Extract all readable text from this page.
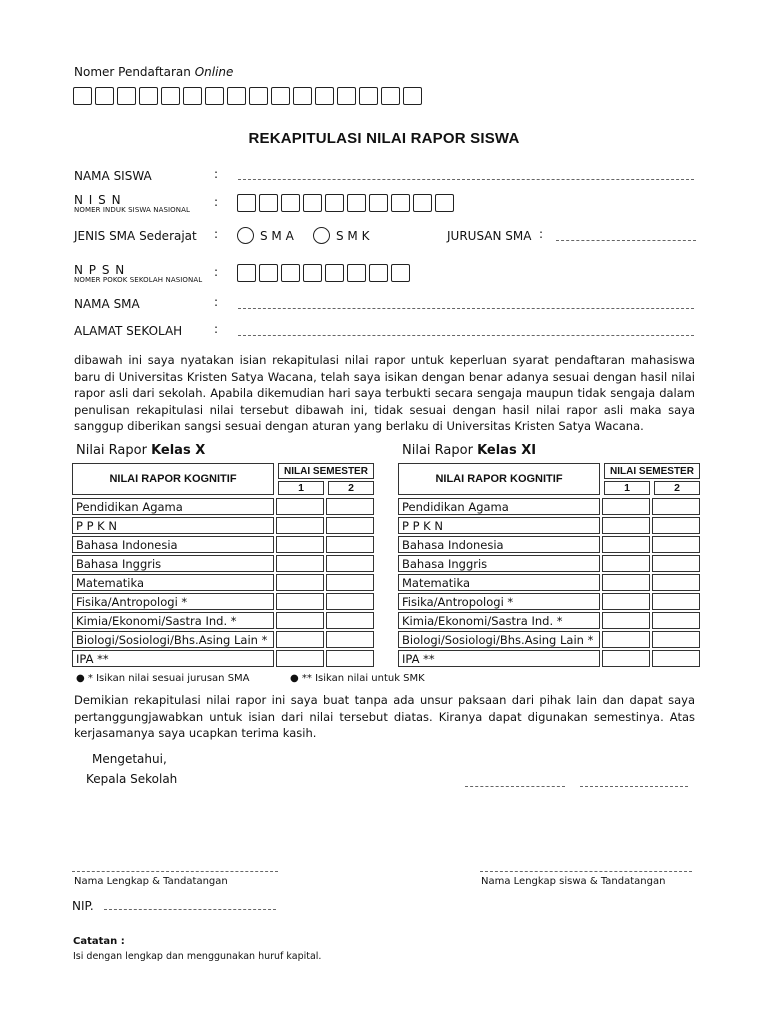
Nomer Pendaftaran Online
REKAPITULASI NILAI RAPOR SISWA
NAMA SISWA	:
N I S N
NOMER INDUK SISWA NASIONAL
:
JENIS SMA Sederajat :	S M A	S M K	JURUSAN SMA :
N P S N
NOMER POKOK SEKOLAH NASIONAL
:
NAMA SMA	:
ALAMAT SEKOLAH	:
dibawah ini saya nyatakan isian rekapitulasi nilai rapor untuk keperluan syarat pendaftaran mahasiswa baru di Universitas Kristen Satya Wacana, telah saya isikan dengan benar adanya sesuai dengan hasil nilai rapor asli dari sekolah. Apabila dikemudian hari saya terbukti secara sengaja maupun tidak sengaja dalam penulisan rekapitulasi nilai tersebut dibawah ini, tidak sesuai dengan hasil nilai rapor asli maka saya sanggup diberikan sangsi sesuai dengan aturan yang berlaku di Universitas Kristen Satya Wacana.
Nilai Rapor Kelas X
NILAI RAPOR KOGNITIF
NILAI SEMESTER
1	2
Pendidikan Agama		
P P K N		
Bahasa Indonesia		
Bahasa Inggris		
Matematika		
Fisika/Antropologi *		
Kimia/Ekonomi/Sastra Ind. *		
Biologi/Sosiologi/Bhs.Asing Lain *		
IPA **		
Nilai Rapor Kelas XI
NILAI RAPOR KOGNITIF
NILAI SEMESTER
1	2
Pendidikan Agama		
P P K N		
Bahasa Indonesia		
Bahasa Inggris		
Matematika		
Fisika/Antropologi *		
Kimia/Ekonomi/Sastra Ind. *		
Biologi/Sosiologi/Bhs.Asing Lain *		
IPA **		
● * Isikan nilai sesuai jurusan SMA	● ** Isikan nilai untuk SMK
Demikian rekapitulasi nilai rapor ini saya buat tanpa ada unsur paksaan dari pihak lain dan dapat saya pertanggungjawabkan untuk isian dari nilai tersebut diatas. Kiranya dapat digunakan semestinya. Atas kerjasamanya saya ucapkan terima kasih.
Mengetahui,
Kepala Sekolah
Nama Lengkap & Tandatangan	Nama Lengkap siswa & Tandatangan
NIP.
Catatan :
Isi dengan lengkap dan menggunakan huruf kapital.
